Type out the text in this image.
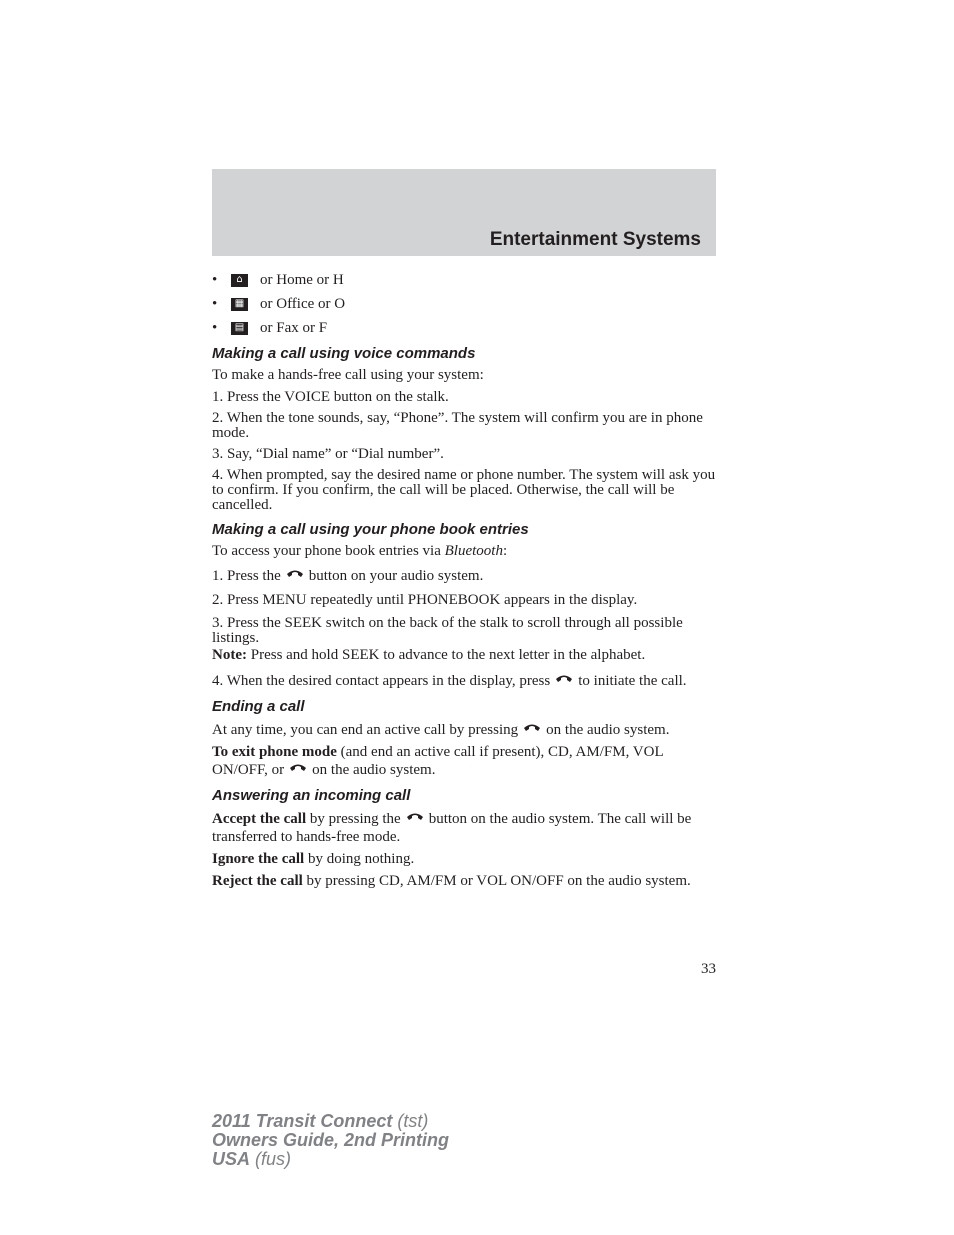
Entertainment Systems
•	⌂	or Home or H
•	▦ or Office or O
•	▤ or Fax or F
Making a call using voice commands

To make a hands-free call using your system:

1. Press the VOICE button on the stalk.

2. When the tone sounds, say, “Phone”. The system will confirm you are in phone mode.

3. Say, “Dial name” or “Dial number”.

4. When prompted, say the desired name or phone number. The system will ask you to confirm. If you confirm, the call will be placed. Otherwise, the call will be cancelled.

Making a call using your phone book entries

To access your phone book entries via Bluetooth:

1. Press the button on your audio system.

2. Press MENU repeatedly until PHONEBOOK appears in the display.

3. Press the SEEK switch on the back of the stalk to scroll through all possible listings.

Note: Press and hold SEEK to advance to the next letter in the alphabet.

4. When the desired contact appears in the display, press to initiate the call.

Ending a call

At any time, you can end an active call by pressing on the audio system.

To exit phone mode (and end an active call if present), CD, AM/FM, VOL ON/OFF, or on the audio system.

Answering an incoming call

Accept the call by pressing the button on the audio system. The call will be transferred to hands-free mode.

Ignore the call by doing nothing.

Reject the call by pressing CD, AM/FM or VOL ON/OFF on the audio system.

33
2011 Transit Connect (tst)
Owners Guide, 2nd Printing
USA (fus)
